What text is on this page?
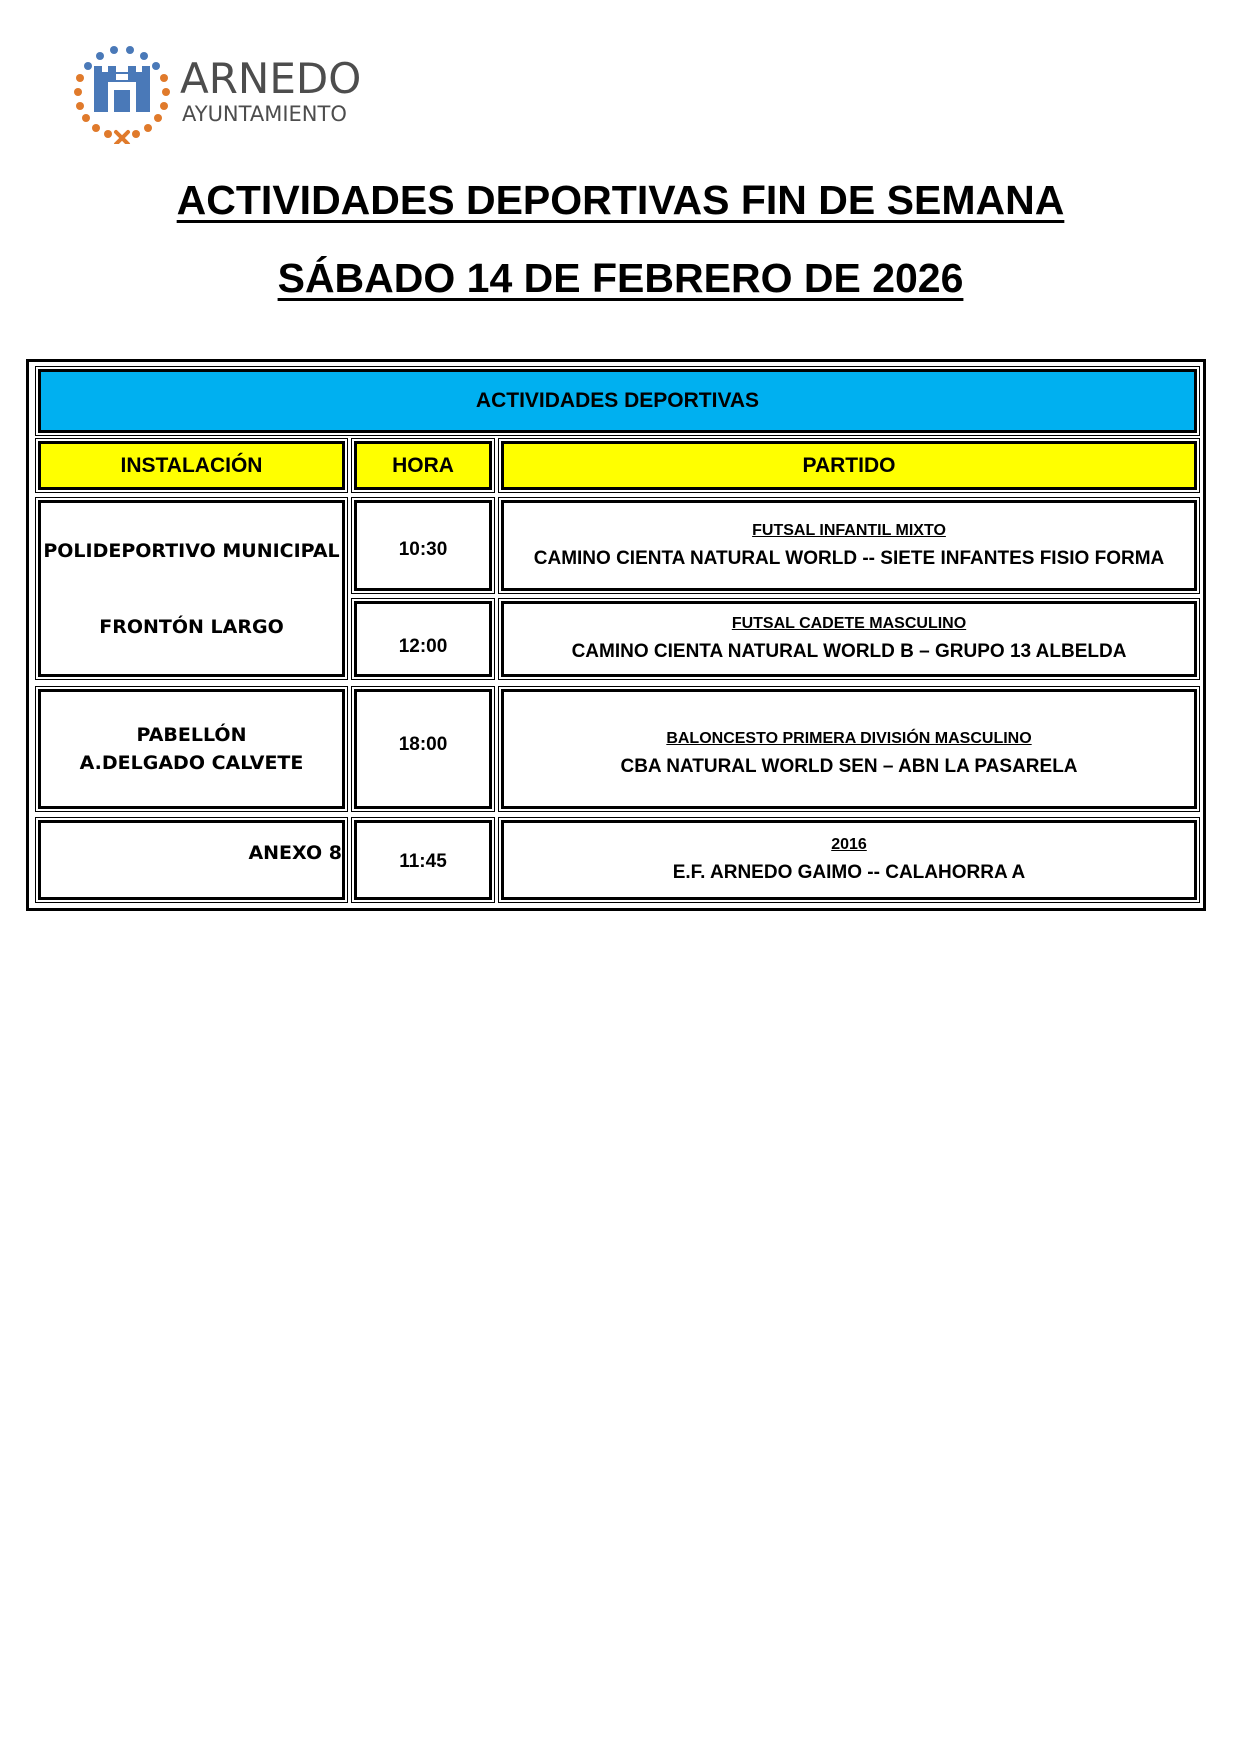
ARNEDO
AYUNTAMIENTO
ACTIVIDADES DEPORTIVAS FIN DE SEMANA
SÁBADO 14 DE FEBRERO DE 2026
ACTIVIDADES DEPORTIVAS
INSTALACIÓN	HORA	PARTIDO
POLIDEPORTIVO MUNICIPAL
FRONTÓN LARGO
PABELLÓN
A.DELGADO CALVETE
ANEXO 8
10:30
12:00
18:00
11:45
FUTSAL INFANTIL MIXTO
CAMINO CIENTA NATURAL WORLD -- SIETE INFANTES FISIO FORMA
FUTSAL CADETE MASCULINO
CAMINO CIENTA NATURAL WORLD B – GRUPO 13 ALBELDA
BALONCESTO PRIMERA DIVISIÓN MASCULINO
CBA NATURAL WORLD SEN – ABN LA PASARELA
2016
E.F. ARNEDO GAIMO -- CALAHORRA A
